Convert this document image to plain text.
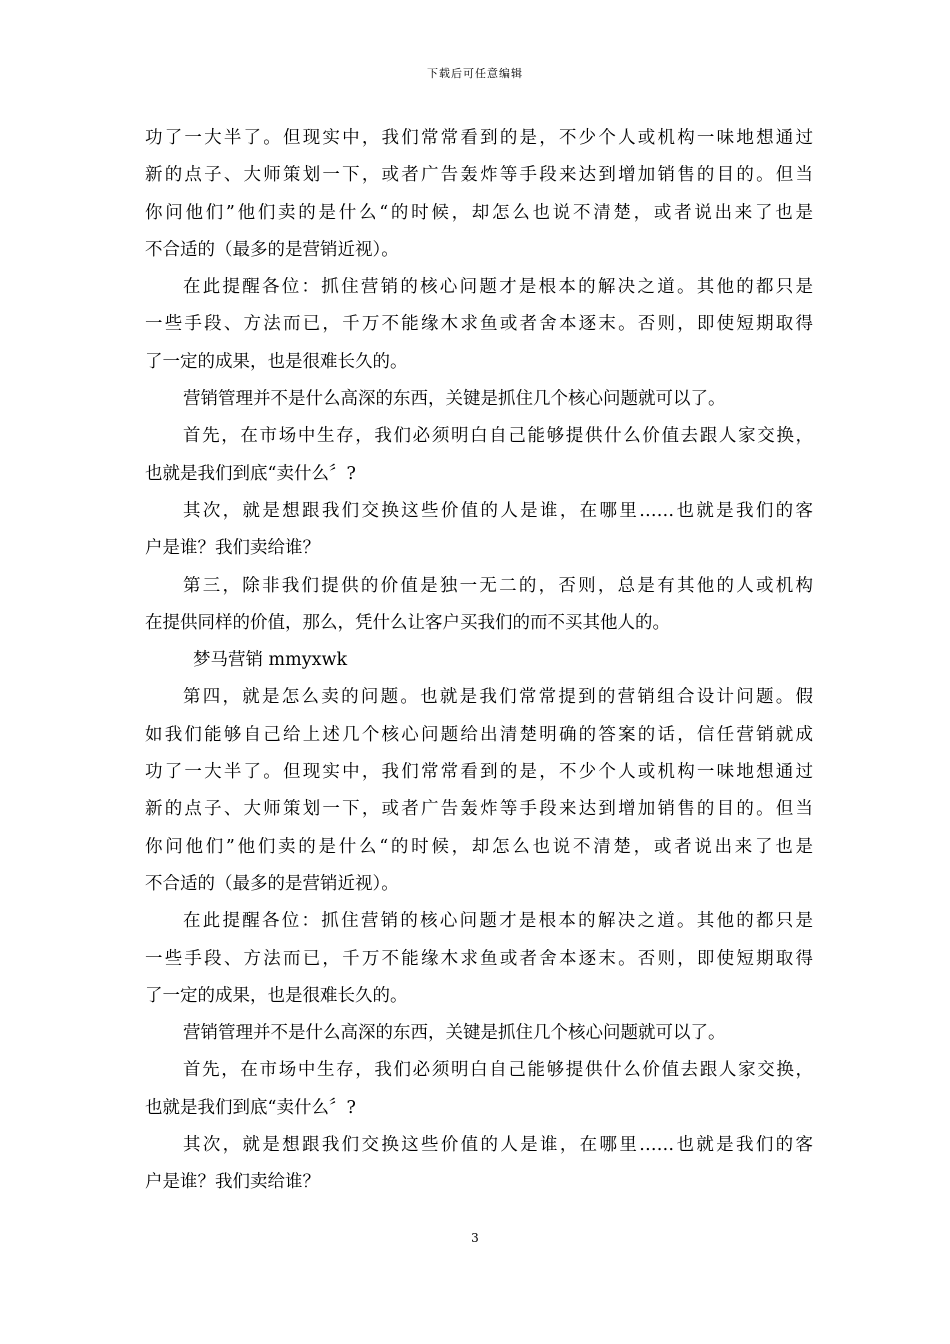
下载后可任意编辑
功了一大半了。但现实中，我们常常看到的是，不少个人或机构一味地想通过
新的点子、大师策划一下，或者广告轰炸等手段来达到增加销售的目的。但当
你问他们”他们卖的是什么“的时候，却怎么也说不清楚，或者说出来了也是
不合适的（最多的是营销近视）。
在此提醒各位：抓住营销的核心问题才是根本的解决之道。其他的都只是
一些手段、方法而已，千万不能缘木求鱼或者舍本逐末。否则，即使短期取得
了一定的成果，也是很难长久的。
营销管理并不是什么高深的东西，关键是抓住几个核心问题就可以了。
首先，在市场中生存，我们必须明白自己能够提供什么价值去跟人家交换，
也就是我们到底“卖什么〞?
其次，就是想跟我们交换这些价值的人是谁，在哪里……也就是我们的客
户是谁？我们卖给谁？
第三，除非我们提供的价值是独一无二的，否则，总是有其他的人或机构
在提供同样的价值，那么，凭什么让客户买我们的而不买其他人的。
梦马营销 mmyxwk
第四，就是怎么卖的问题。也就是我们常常提到的营销组合设计问题。假
如我们能够自己给上述几个核心问题给出清楚明确的答案的话，信任营销就成
功了一大半了。但现实中，我们常常看到的是，不少个人或机构一味地想通过
新的点子、大师策划一下，或者广告轰炸等手段来达到增加销售的目的。但当
你问他们”他们卖的是什么“的时候，却怎么也说不清楚，或者说出来了也是
不合适的（最多的是营销近视）。
在此提醒各位：抓住营销的核心问题才是根本的解决之道。其他的都只是
一些手段、方法而已，千万不能缘木求鱼或者舍本逐末。否则，即使短期取得
了一定的成果，也是很难长久的。
营销管理并不是什么高深的东西，关键是抓住几个核心问题就可以了。
首先，在市场中生存，我们必须明白自己能够提供什么价值去跟人家交换，
也就是我们到底“卖什么〞?
其次，就是想跟我们交换这些价值的人是谁，在哪里……也就是我们的客
户是谁？我们卖给谁？
3
